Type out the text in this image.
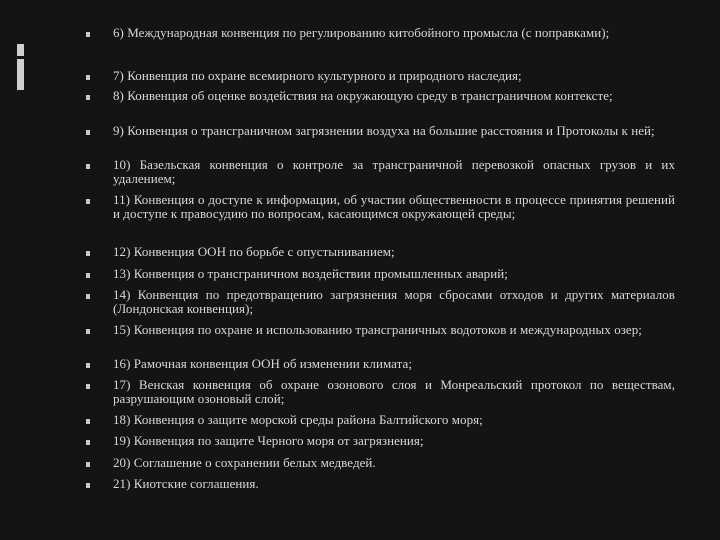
6) Международная конвенция по регулированию китобойного промысла (с поправками);
7) Конвенция по охране всемирного культурного и природного наследия;
8) Конвенция об оценке воздействия на окружающую среду в трансграничном контексте;
9) Конвенция о трансграничном загрязнении воздуха на большие расстояния и Протоколы к ней;
10) Базельская конвенция о контроле за трансграничной перевозкой опасных грузов и их удалением;
11) Конвенция о доступе к информации, об участии общественности в процессе принятия решений и доступе к правосудию по вопросам, касающимся окружающей среды;
12) Конвенция ООН по борьбе с опустыниванием;
13) Конвенция о трансграничном воздействии промышленных аварий;
14) Конвенция по предотвращению загрязнения моря сбросами отходов и других материалов (Лондонская конвенция);
15) Конвенция по охране и использованию трансграничных водотоков и международных озер;
16) Рамочная конвенция ООН об изменении климата;
17) Венская конвенция об охране озонового слоя и Монреальский протокол по веществам, разрушающим озоновый слой;
18) Конвенция о защите морской среды района Балтийского моря;
19) Конвенция по защите Черного моря от загрязнения;
20) Соглашение о сохранении белых медведей.
21) Киотские соглашения.
